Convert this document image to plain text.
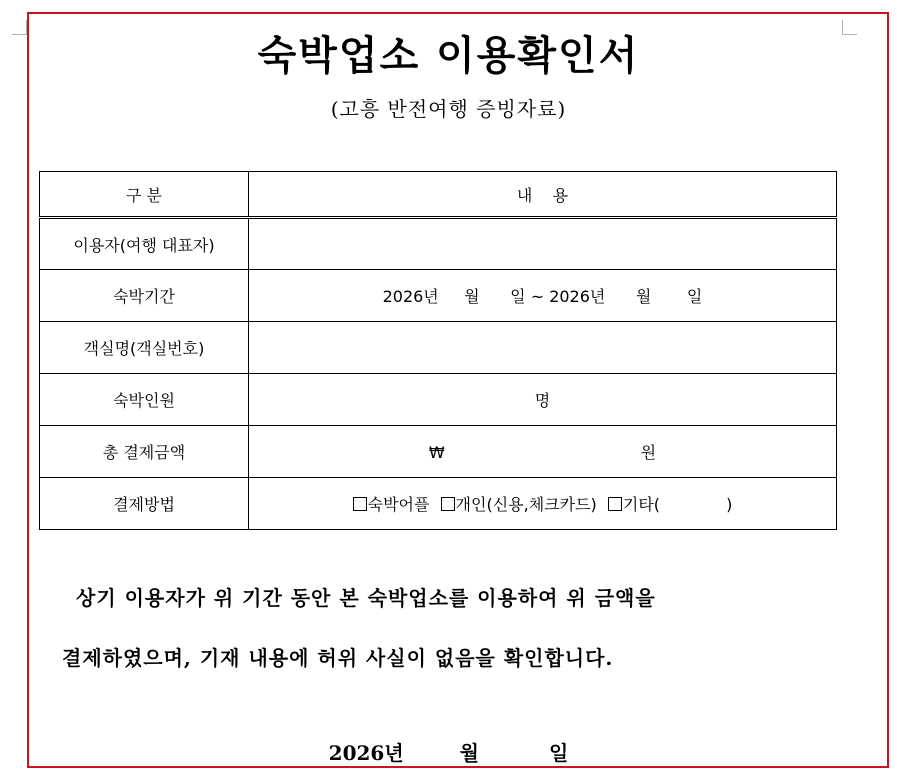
숙박업소 이용확인서
(고흥 반전여행 증빙자료)
구 분	내    용
이용자(여행 대표자)	
숙박기간	2026년     월      일 ~ 2026년      월       일
객실명(객실번호)	
숙박인원	명
총 결제금액	₩ 원
결제방법	숙박어플 개인(신용,체크카드) 기타(             )
상기 이용자가 위 기간 동안 본 숙박업소를 이용하여 위 금액을
결제하였으며, 기재 내용에 허위 사실이 없음을 확인합니다.
2026년	월	일
